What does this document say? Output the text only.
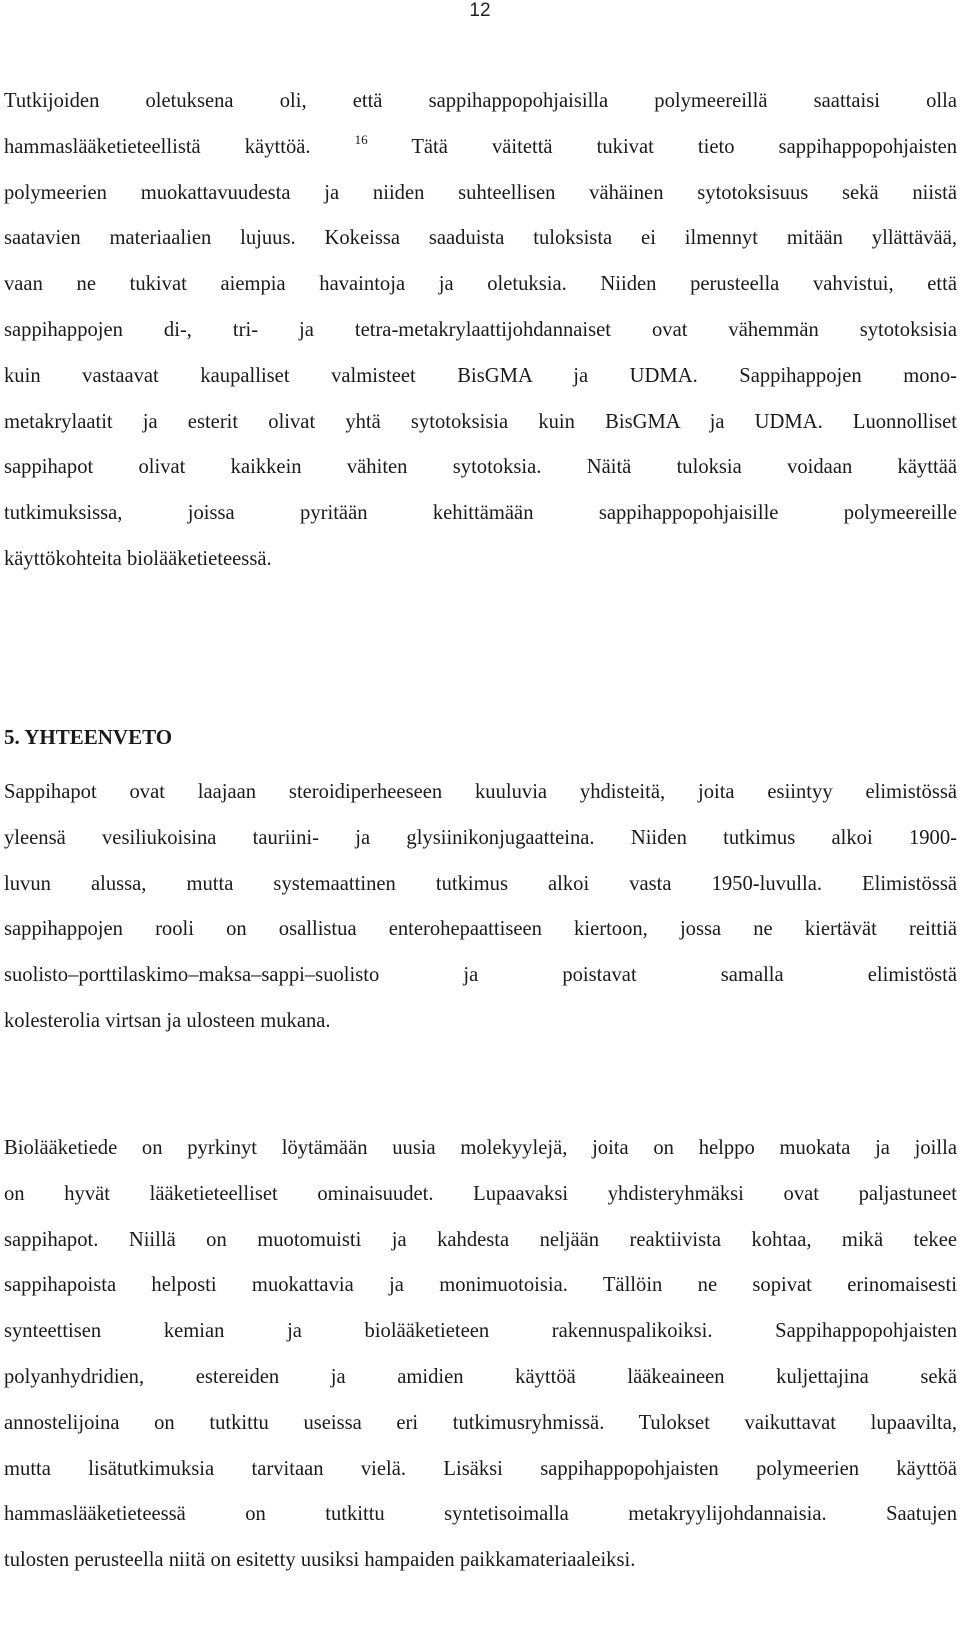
12
Tutkijoiden oletuksena oli, että sappihappopohjaisilla polymeereillä saattaisi olla
hammaslääketieteellistä käyttöä.	$^{16}$ Tätä väitettä tukivat tieto sappihappopohjaisten
polymeerien muokattavuudesta ja niiden suhteellisen vähäinen sytotoksisuus sekä niistä
saatavien materiaalien lujuus. Kokeissa saaduista tuloksista ei ilmennyt mitään yllättävää,
vaan ne tukivat aiempia havaintoja ja oletuksia. Niiden perusteella vahvistui, että
sappihappojen di-, tri- ja tetra-metakrylaattijohdannaiset ovat vähemmän sytotoksisia
kuin vastaavat kaupalliset valmisteet BisGMA ja UDMA. Sappihappojen mono-
metakrylaatit ja esterit olivat yhtä sytotoksisia kuin BisGMA ja UDMA. Luonnolliset
sappihapot olivat kaikkein vähiten sytotoksia. Näitä tuloksia voidaan käyttää
tutkimuksissa, joissa pyritään kehittämään sappihappopohjaisille polymeereille
käyttökohteita biolääketieteessä.
5. YHTEENVETO
Sappihapot ovat laajaan steroidiperheeseen kuuluvia yhdisteitä, joita esiintyy elimistössä
yleensä vesiliukoisina tauriini- ja glysiinikonjugaatteina. Niiden tutkimus alkoi 1900-
luvun alussa, mutta systemaattinen tutkimus alkoi vasta 1950-luvulla. Elimistössä
sappihappojen rooli on osallistua enterohepaattiseen kiertoon, jossa ne kiertävät reittiä
suolisto–porttilaskimo–maksa–sappi–suolisto ja poistavat samalla elimistöstä
kolesterolia virtsan ja ulosteen mukana.
Biolääketiede on pyrkinyt löytämään uusia molekyylejä, joita on helppo muokata ja joilla
on hyvät lääketieteelliset ominaisuudet. Lupaavaksi yhdisteryhmäksi ovat paljastuneet
sappihapot. Niillä on muotomuisti ja kahdesta neljään reaktiivista kohtaa, mikä tekee
sappihapoista helposti muokattavia ja monimuotoisia. Tällöin ne sopivat erinomaisesti
synteettisen kemian ja biolääketieteen rakennuspalikoiksi. Sappihappopohjaisten
polyanhydridien, estereiden ja amidien käyttöä lääkeaineen kuljettajina sekä
annostelijoina on tutkittu useissa eri tutkimusryhmissä. Tulokset vaikuttavat lupaavilta,
mutta lisätutkimuksia tarvitaan vielä. Lisäksi sappihappopohjaisten polymeerien käyttöä
hammaslääketieteessä on tutkittu syntetisoimalla metakryylijohdannaisia. Saatujen
tulosten perusteella niitä on esitetty uusiksi hampaiden paikkamateriaaleiksi.
